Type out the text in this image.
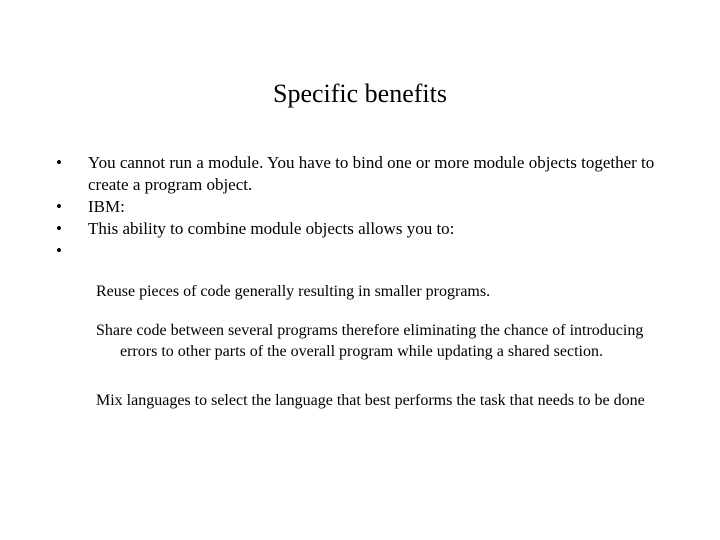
Specific benefits
• You cannot run a module. You have to bind one or more module objects together to create a program object.
• IBM:
• This ability to combine module objects allows you to:
•
Reuse pieces of code generally resulting in smaller programs.
Share code between several programs therefore eliminating the chance of introducing errors to other parts of the overall program while updating a shared section.
Mix languages to select the language that best performs the task that needs to be done
